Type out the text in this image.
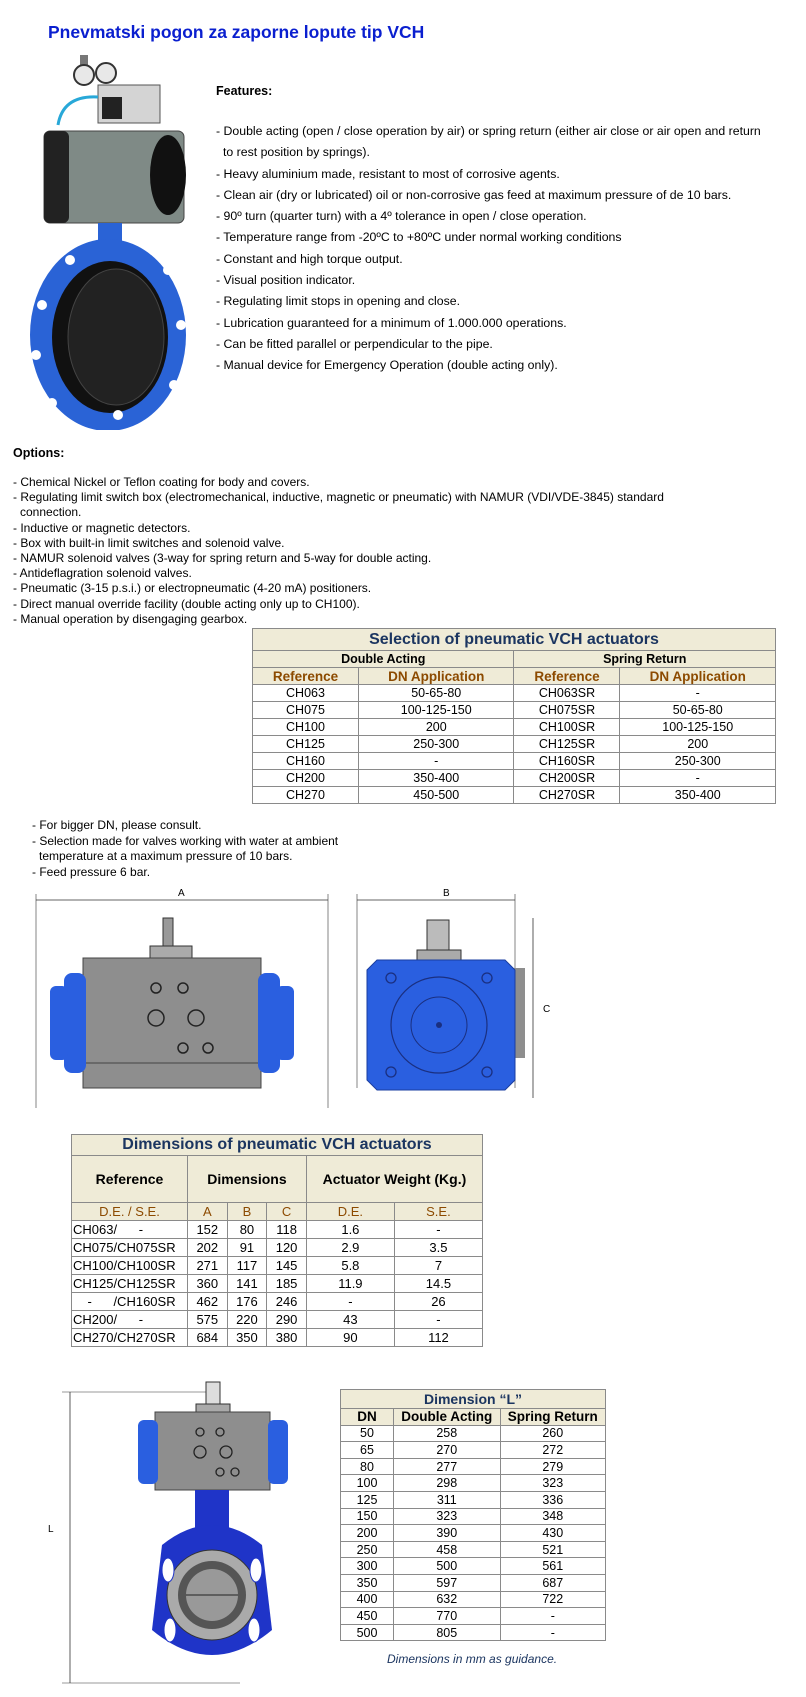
Pnevmatski pogon za zaporne lopute tip VCH
Features:
- Double acting (open / close operation by air) or spring return (either air close or air open and return
to rest position by springs).
- Heavy aluminium made, resistant to most of corrosive agents.
- Clean air (dry or lubricated) oil or non-corrosive gas feed at maximum pressure of de 10 bars.
- 90º turn (quarter turn) with a 4º tolerance in open / close operation.
- Temperature range from -20ºC to +80ºC under normal working conditions
- Constant and high torque output.
- Visual position indicator.
- Regulating limit stops in opening and close.
- Lubrication guaranteed for a minimum of 1.000.000 operations.
- Can be fitted parallel or perpendicular to the pipe.
- Manual device for Emergency Operation (double acting only).
Options:
- Chemical Nickel or Teflon coating for body and covers.
- Regulating limit switch box (electromechanical, inductive, magnetic or pneumatic) with NAMUR (VDI/VDE-3845) standard
connection.
- Inductive or magnetic detectors.
- Box with built-in limit switches and solenoid valve.
- NAMUR solenoid valves (3-way for spring return and 5-way for double acting.
- Antideflagration solenoid valves.
- Pneumatic (3-15 p.s.i.) or electropneumatic (4-20 mA) positioners.
- Direct manual override facility (double acting only up to CH100).
- Manual operation by disengaging gearbox.
Selection of pneumatic VCH actuators			
Double Acting		Spring Return	
Reference	DN Application	Reference	DN Application
CH063	50-65-80	CH063SR	-
CH075	100-125-150	CH075SR	50-65-80
CH100	200	CH100SR	100-125-150
CH125	250-300	CH125SR	200
CH160	-	CH160SR	250-300
CH200	350-400	CH200SR	-
CH270	450-500	CH270SR	350-400
- For bigger DN, please consult.
- Selection made for valves working with water at ambient
temperature at a maximum pressure of 10 bars.
- Feed pressure 6 bar.
A	B
C
Dimensions of pneumatic VCH actuators					
Reference	Dimensions			Actuator Weight (Kg.)	
D.E. / S.E.	A	B	C	D.E.	S.E.
CH063/      -	152	80	118	1.6	-
CH075/CH075SR	202	91	120	2.9	3.5
CH100/CH100SR	271	117	145	5.8	7
CH125/CH125SR	360	141	185	11.9	14.5
-      /CH160SR	462	176	246	-	26
CH200/      -	575	220	290	43	-
CH270/CH270SR	684	350	380	90	112
L
Dimension “L”		
DN	Double Acting	Spring Return
50	258	260
65	270	272
80	277	279
100	298	323
125	311	336
150	323	348
200	390	430
250	458	521
300	500	561
350	597	687
400	632	722
450	770	-
500	805	-
Dimensions in mm as guidance.
